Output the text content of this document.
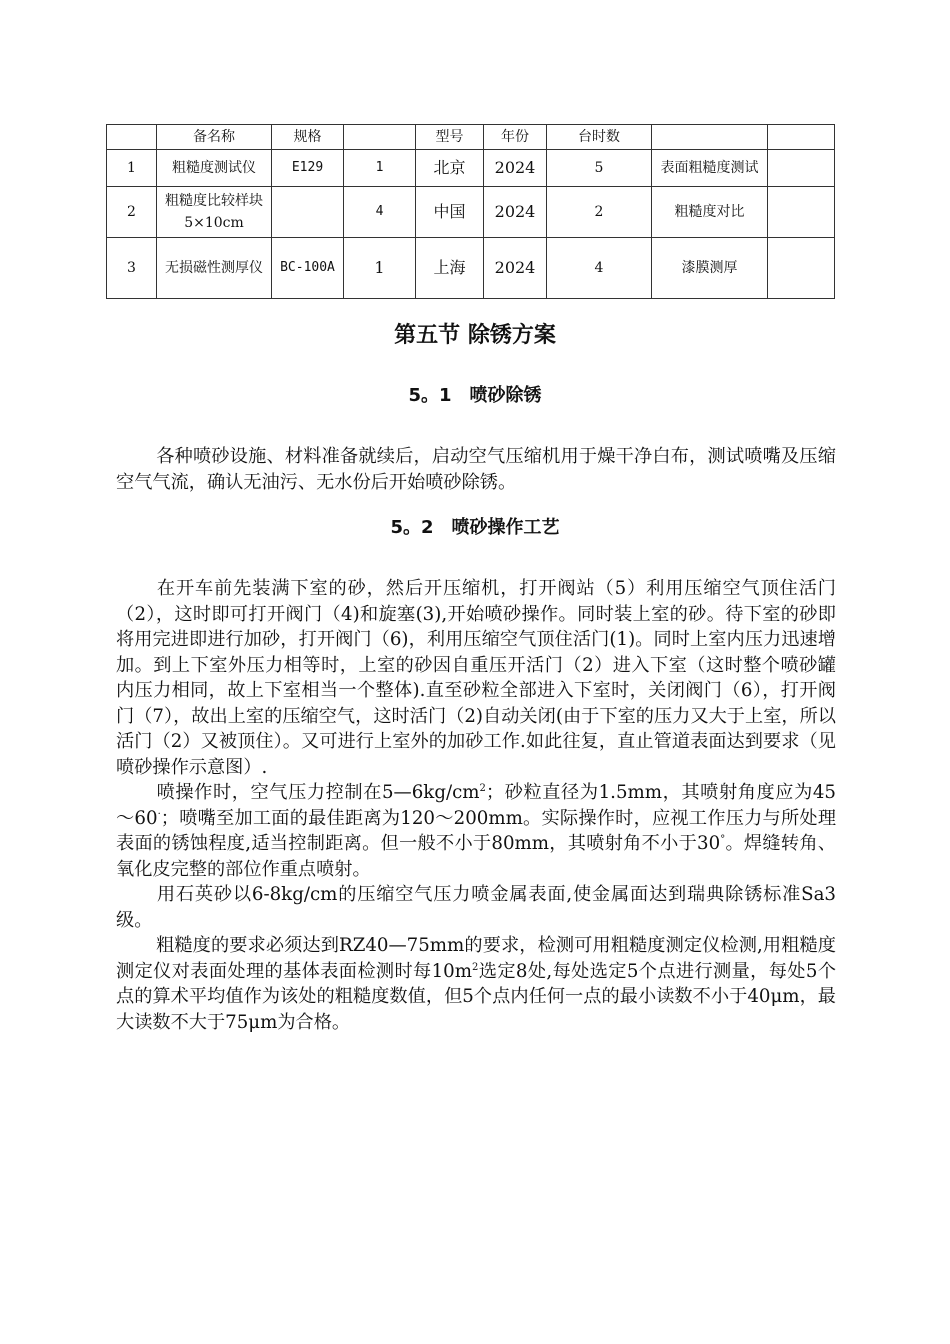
	备名称	规格		型号	年份	台时数		
1	粗糙度测试仪	E129	1	北京	2024	5	表面粗糙度测试	
2	粗糙度比较样块5×10cm		4	中国	2024	2	粗糙度对比	
3	无损磁性测厚仪	BC-100A	1	上海	2024	4	漆膜测厚	
第五节 除锈方案
5。1　喷砂除锈

各种喷砂设施、材料准备就续后，启动空气压缩机用于燥干净白布，测试喷嘴及压缩空气气流，确认无油污、无水份后开始喷砂除锈。

5。2　喷砂操作工艺
在开车前先装满下室的砂，然后开压缩机，打开阀站（5）利用压缩空气顶住活门（2），这时即可打开阀门（4)和旋塞(3),开始喷砂操作。同时装上室的砂。待下室的砂即将用完进即进行加砂，打开阀门（6)，利用压缩空气顶住活门(1)。同时上室内压力迅速增加。到上下室外压力相等时，上室的砂因自重压开活门（2）进入下室（这时整个喷砂罐内压力相同，故上下室相当一个整体).直至砂粒全部进入下室时，关闭阀门（6），打开阀门（7），故出上室的压缩空气，这时活门（2)自动关闭(由于下室的压力又大于上室，所以活门（2）又被顶住）。又可进行上室外的加砂工作.如此往复，直止管道表面达到要求（见喷砂操作示意图）.
喷操作时，空气压力控制在$5—6kg/cm^2$；砂粒直径为1.5mm，其喷射角度应为45～60·；喷嘴至加工面的最佳距离为120～200mm。实际操作时，应视工作压力与所处理表面的锈蚀程度,适当控制距离。但一般不小于80mm，其喷射角不小于30°。焊缝转角、氧化皮完整的部位作重点喷射。
用石英砂以6-8kg/cm的压缩空气压力喷金属表面,使金属面达到瑞典除锈标准Sa3级。
粗糙度的要求必须达到RZ40—75mm的要求，检测可用粗糙度测定仪检测,用粗糙度测定仪对表面处理的基体表面检测时每$10m^2$选定8处,每处选定5个点进行测量，每处5个点的算术平均值作为该处的粗糙度数值，但5个点内任何一点的最小读数不小于40μm，最大读数不大于75μm为合格。
